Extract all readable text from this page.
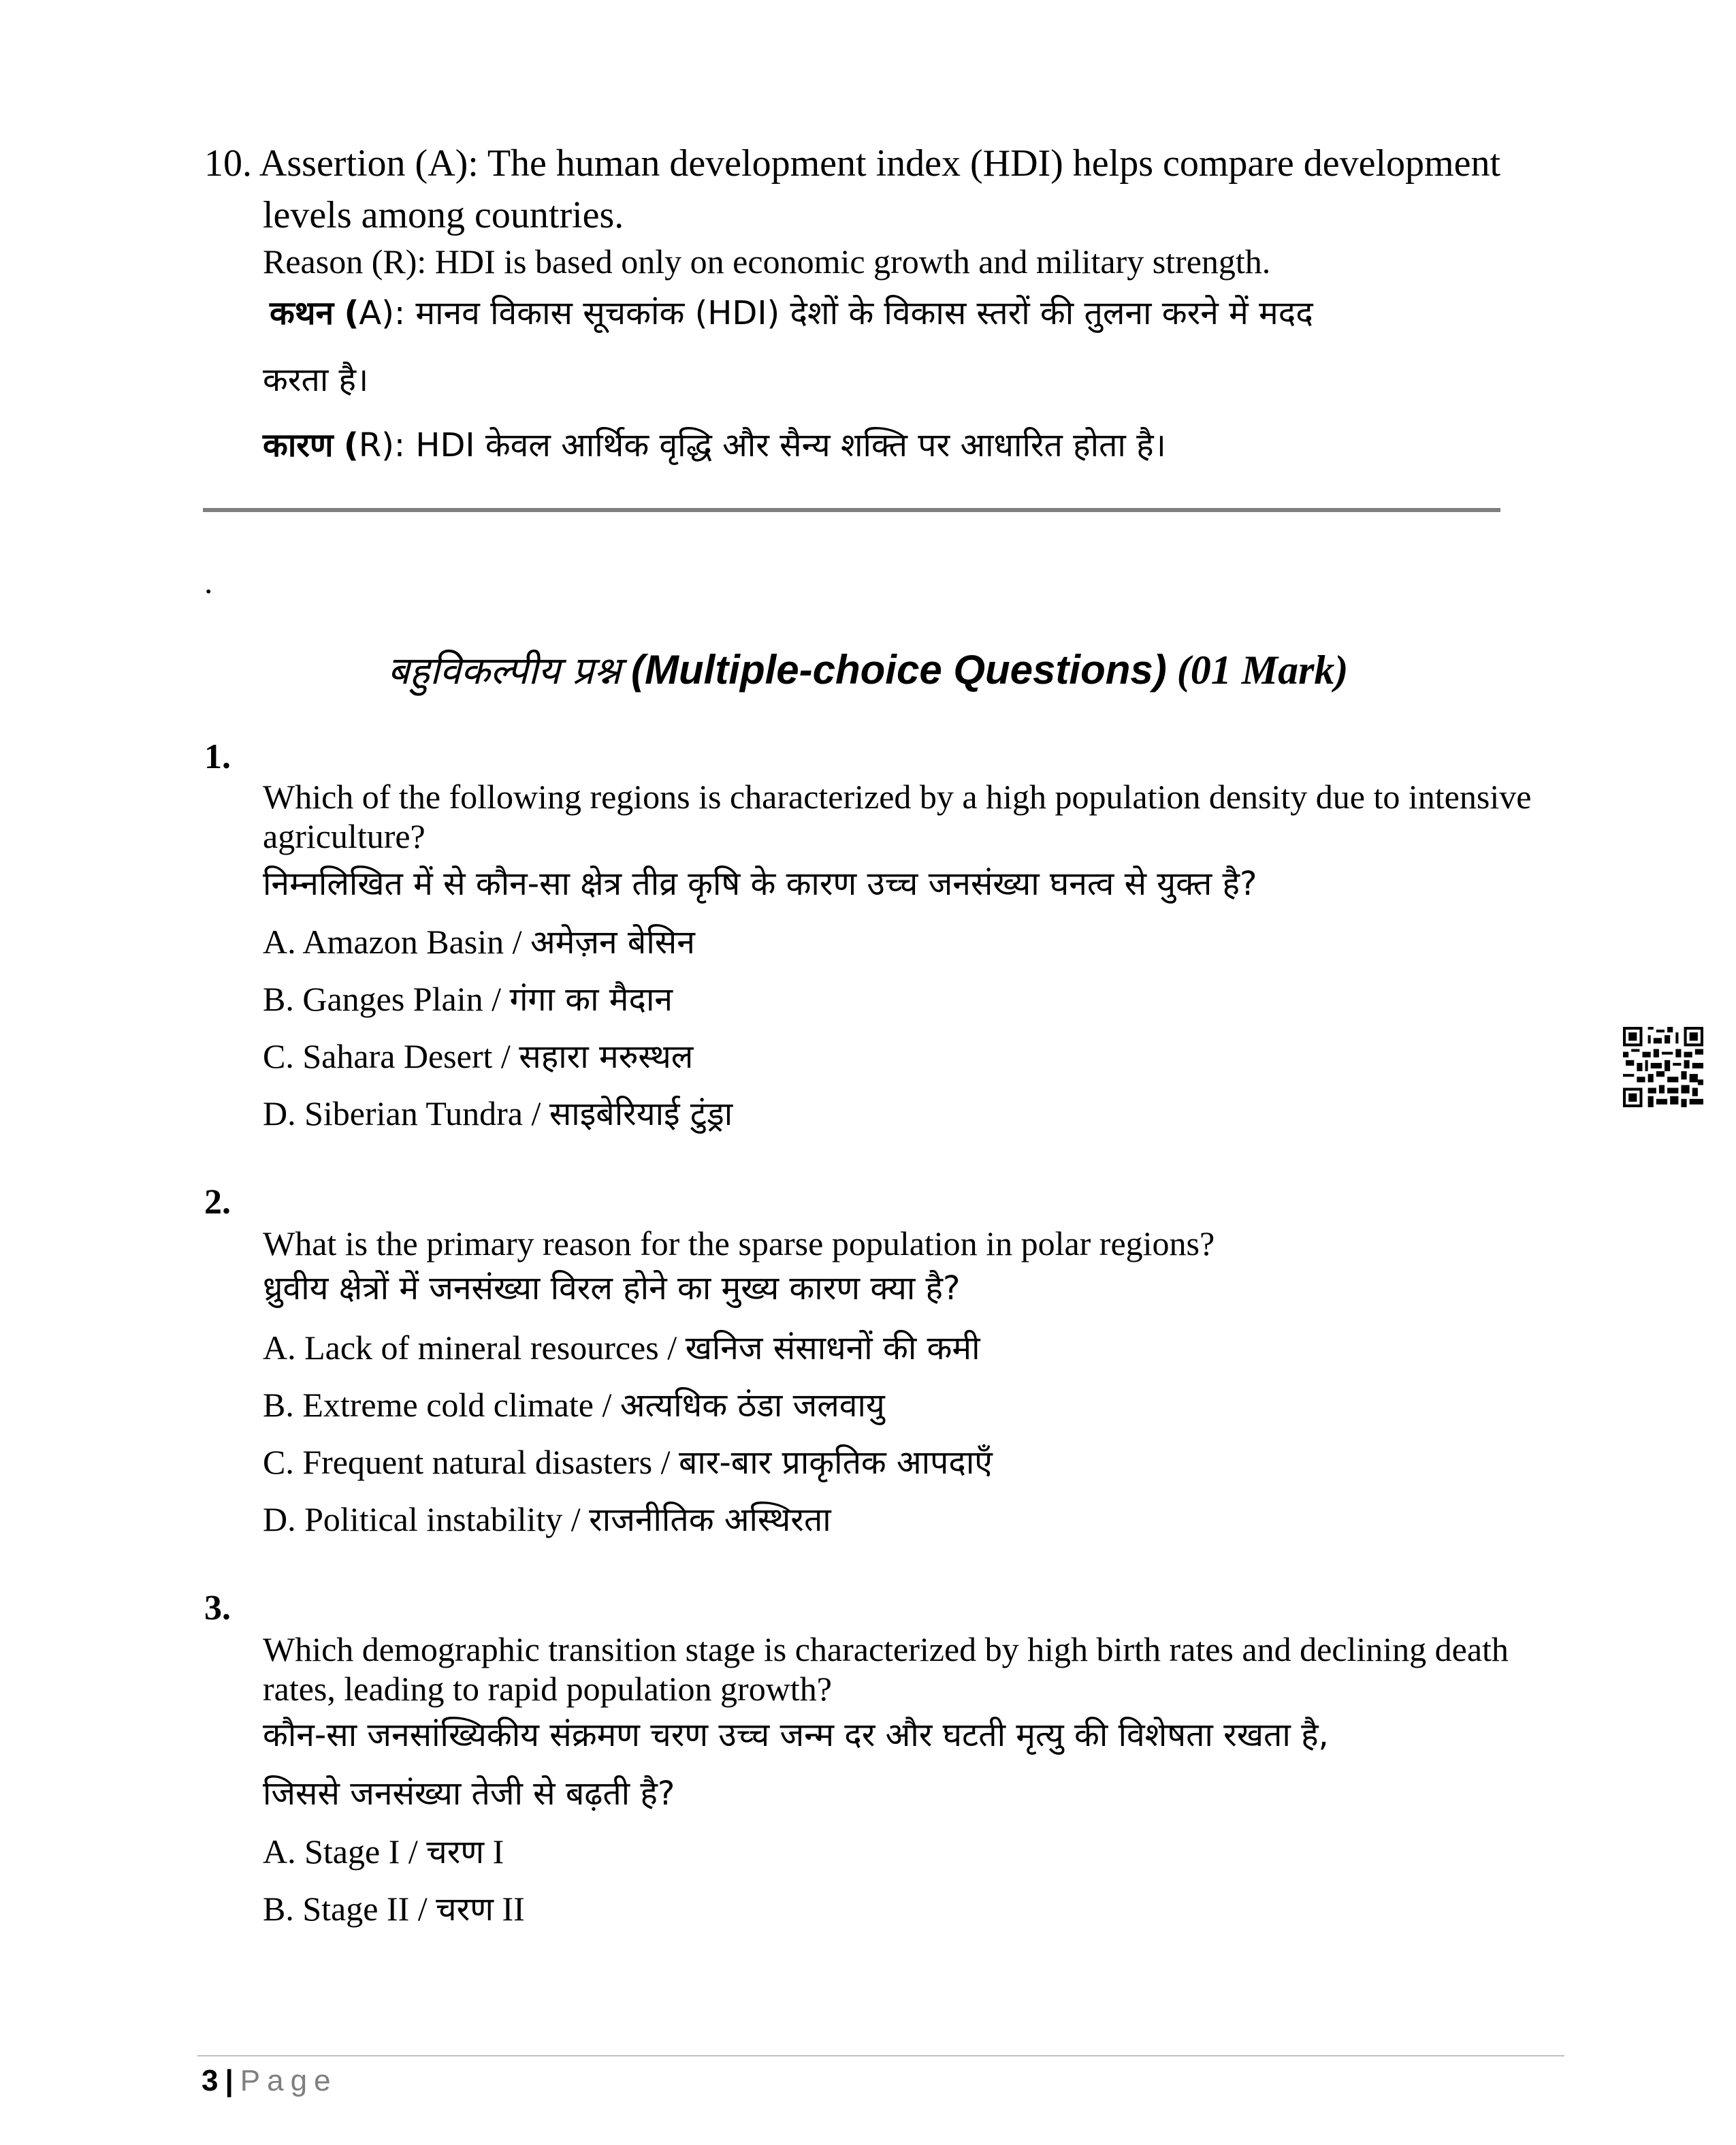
10. Assertion (A): The human development index (HDI) helps compare development
levels among countries.
Reason (R): HDI is based only on economic growth and military strength.
कथन (A): मानव विकास सूचकांक (HDI) देशों के विकास स्तरों की तुलना करने में मदद
करता है।
कारण (R): HDI केवल आर्थिक वृद्धि और सैन्य शक्ति पर आधारित होता है।
.
बहुविकल्पीय प्रश्न (Multiple-choice Questions) (01 Mark)
1.
Which of the following regions is characterized by a high population density due to intensive
agriculture?
निम्नलिखित में से कौन-सा क्षेत्र तीव्र कृषि के कारण उच्च जनसंख्या घनत्व से युक्त है?
A. Amazon Basin / अमेज़न बेसिन
B. Ganges Plain / गंगा का मैदान
C. Sahara Desert / सहारा मरुस्थल
D. Siberian Tundra / साइबेरियाई टुंड्रा
2.
What is the primary reason for the sparse population in polar regions?
ध्रुवीय क्षेत्रों में जनसंख्या विरल होने का मुख्य कारण क्या है?
A. Lack of mineral resources / खनिज संसाधनों की कमी
B. Extreme cold climate / अत्यधिक ठंडा जलवायु
C. Frequent natural disasters / बार-बार प्राकृतिक आपदाएँ
D. Political instability / राजनीतिक अस्थिरता
3.
Which demographic transition stage is characterized by high birth rates and declining death
rates, leading to rapid population growth?
कौन-सा जनसांख्यिकीय संक्रमण चरण उच्च जन्म दर और घटती मृत्यु की विशेषता रखता है,
जिससे जनसंख्या तेजी से बढ़ती है?
A. Stage I / चरण I
B. Stage II / चरण II
3 | Page
